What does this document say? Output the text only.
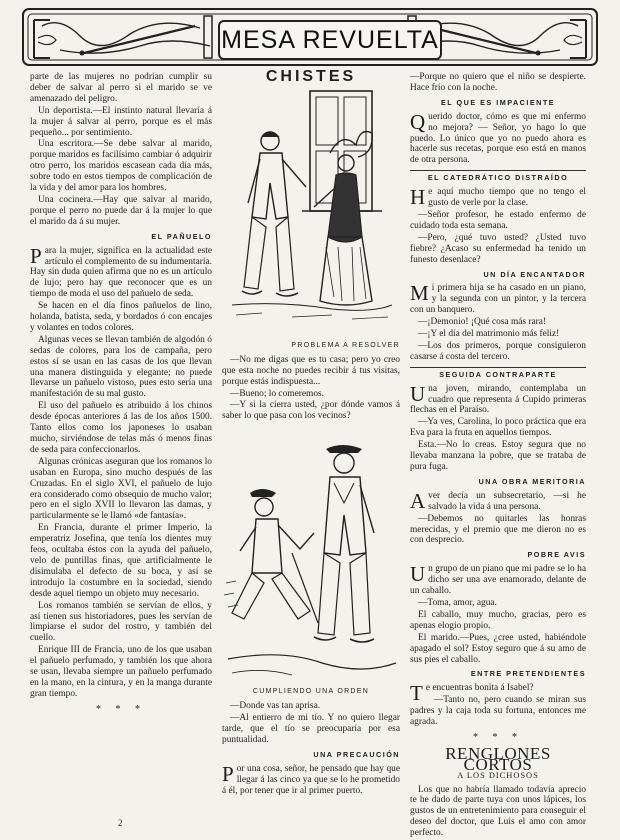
MESA REVUELTA

parte de las mujeres no podrían cumplir su deber de salvar al perro si el marido se ve amenazado del peligro.

Un deportista.—El instinto natural llevaría á la mujer á salvar al perro, porque es el más pequeño... por sentimiento.

Una escritora.—Se debe salvar al marido, porque maridos es facilísimo cambiar ó adquirir otro perro, los maridos escasean cada día más, sobre todo en estos tiempos de complicación de la vida y del amor para los hombres.

Una cocinera.—Hay que salvar al marido, porque el perro no puede dar á la mujer lo que el marido da á su mujer.

EL PAÑUELO

Para la mujer, significa en la actualidad este artículo el complemento de su indumentaria. Hay sin duda quien afirma que no es un artículo de lujo; pero hay que reconocer que es un tiempo de moda el uso del pañuelo de seda.

Se hacen en el día finos pañuelos de lino, holanda, batista, seda, y bordados ó con encajes y volantes en todos colores.

Algunas veces se llevan también de algodón ó sedas de colores, para los de campaña, pero estos sí se usan en las casas de los que llevan una manera distinguida y elegante; no puede llevarse un pañuelo vistoso, pues esto sería una manifestación de su mal gusto.

El uso del pañuelo es atribuido á los chinos desde épocas anteriores á las de los años 1500. Tanto ellos como los japoneses lo usaban mucho, sirviéndose de telas más ó menos finas de seda para confeccionarlos.

Algunas crónicas aseguran que los romanos lo usaban en Europa, sino mucho después de las Cruzadas. En el siglo XVI, el pañuelo de lujo era considerado como obsequio de mucho valor; pero en el siglo XVII lo llevaron las damas, y particularmente se le llamó «de fantasía».

En Francia, durante el primer Imperio, la emperatriz Josefina, que tenía los dientes muy feos, ocultaba éstos con la ayuda del pañuelo, velo de puntillas finas, que artificialmente le disimulaba el defecto de su boca, y así se introdujo la costumbre en la sociedad, siendo desde aquel tiempo un objeto muy necesario.

Los romanos también se servían de ellos, y así tienen sus historiadores, pues les servían de limpiarse el sudor del rostro, y también del cuello.

Enrique III de Francia, uno de los que usaban el pañuelo perfumado, y también los que ahora se usan, llevaba siempre un pañuelo perfumado en la mano, en la cintura, y en la manga durante gran tiempo.

* * *
CHISTES
PROBLEMA A RESOLVER

—No me digas que es tu casa; pero yo creo que esta noche no puedes recibir á tus visitas, porque estás indispuesta...

—Bueno; lo comeremos.

—Y si la cierra usted, ¿por dónde vamos á saber lo que pasa con los vecinos?

CUMPLIENDO UNA ORDEN

—Donde vas tan aprisa.

—Al entierro de mi tío. Y no quiero llegar tarde, que el tío se preocuparía por esa puntualidad.

UNA PRECAUCIÓN

Por una cosa, señor, he pensado que hay que llegar á las cinco ya que se lo he prometido á él, por tener que ir al primer puerto.

—Porque no quiero que el niño se despierte. Hace frío con la noche.

EL QUE ES IMPACIENTE

Querido doctor, cómo es que mi enfermo no mejora? — Señor, yo hago lo que puedo. Lo único que yo no puedo ahora es hacerle sus recetas, porque eso está en manos de otra persona.

EL CATEDRÁTICO DISTRAÍDO

He aquí mucho tiempo que no tengo el gusto de verle por la clase.

—Señor profesor, he estado enfermo de cuidado toda esta semana.

—Pero, ¿qué tuvo usted? ¿Usted tuvo fiebre? ¿Acaso su enfermedad ha tenido un funesto desenlace?

UN DÍA ENCANTADOR

Mi primera hija se ha casado en un piano, y la segunda con un pintor, y la tercera con un banquero.

—¡Demonio! ¡Qué cosa más rara!

—¡Y el día del matrimonio más feliz!

—Los dos primeros, porque consiguieron casarse á costa del tercero.

SEGUIDA CONTRAPARTE

Una joven, mirando, contemplaba un cuadro que representa á Cupido primeras flechas en el Paraíso.

—Ya ves, Carolina, lo poco práctica que era Eva para la fruta en aquellos tiempos.

Esta.—No lo creas. Estoy segura que no llevaba manzana la pobre, que se trataba de pura fuga.

UNA OBRA MERITORIA

Aver decía un subsecretario, —si he salvado la vida á una persona.

—Debemos no quitarles las honras merecidas, y el premio que me dieron no es con desprecio.

POBRE AVIS

Un grupo de un piano que mi padre se lo ha dicho ser una ave enamorado, delante de un caballo.

—Toma, amor, agua.

El caballo, muy mucho, gracias, pero es apenas elogio propio.

El marido.—Pues, ¿cree usted, habiéndole apagado el sol? Estoy seguro que á su amo de sus pies el caballo.

ENTRE PRETENDIENTES

Te encuentras bonita á Isabel?

—Tanto no, pero cuando se miran sus padres y la caja toda su fortuna, entonces me agrada.

* * *
RENGLONES CORTOS
A LOS DICHOSOS

Los que no habría llamado todavía aprecio te he dado de parte tuya con unos lápices, los gustos de un entretenimiento para conseguir el deseo del doctor, que Luis el amo con amor perfecto.

2
